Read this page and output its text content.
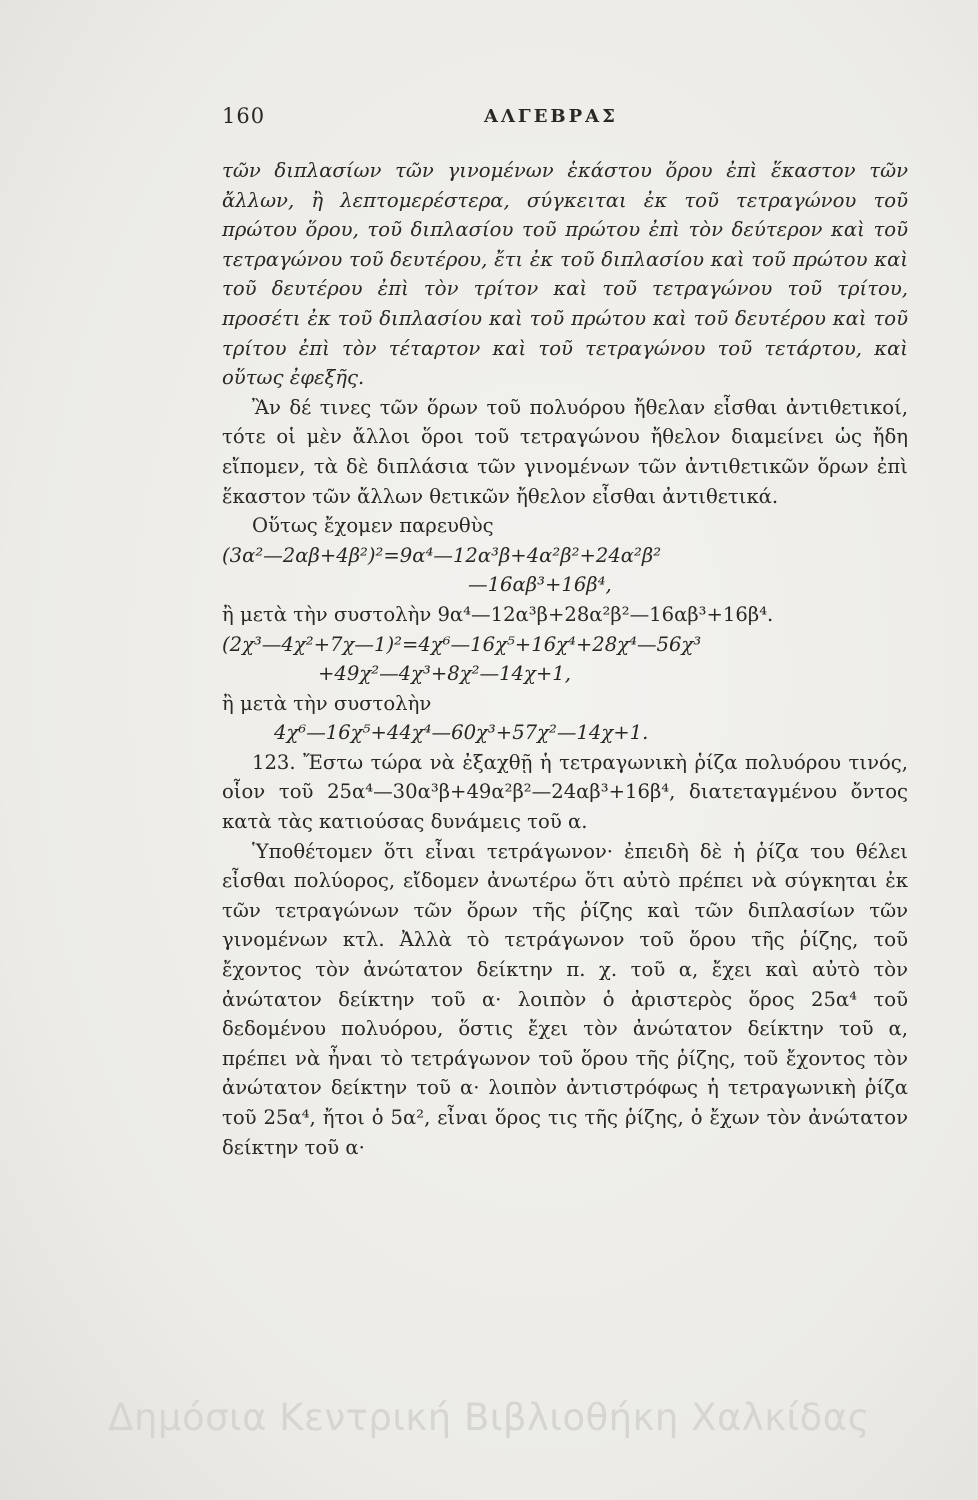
160	ΑΛΓΕΒΡΑΣ

τῶν διπλασίων τῶν γινομένων ἑκάστου ὅρου ἐπὶ ἕκαστον τῶν ἄλλων, ἢ λεπτομερέστερα, σύγκειται ἐκ τοῦ τετραγώνου τοῦ πρώτου ὅρου, τοῦ διπλασίου τοῦ πρώτου ἐπὶ τὸν δεύτερον καὶ τοῦ τετραγώνου τοῦ δευτέρου, ἔτι ἐκ τοῦ διπλασίου καὶ τοῦ πρώτου καὶ τοῦ δευτέρου ἐπὶ τὸν τρίτον καὶ τοῦ τετραγώνου τοῦ τρίτου, προσέτι ἐκ τοῦ διπλασίου καὶ τοῦ πρώτου καὶ τοῦ δευτέρου καὶ τοῦ τρίτου ἐπὶ τὸν τέταρτον καὶ τοῦ τετραγώνου τοῦ τετάρτου, καὶ οὕτως ἐφεξῆς.

Ἂν δέ τινες τῶν ὅρων τοῦ πολυόρου ἤθελαν εἶσθαι ἀντιθετικοί, τότε οἱ μὲν ἄλλοι ὅροι τοῦ τετραγώνου ἤθελον διαμείνει ὡς ἤδη εἴπομεν, τὰ δὲ διπλάσια τῶν γινομένων τῶν ἀντιθετικῶν ὅρων ἐπὶ ἕκαστον τῶν ἄλλων θετικῶν ἤθελον εἶσθαι ἀντιθετικά.

Οὕτως ἔχομεν παρευθὺς

(3α²—2αβ+4β²)²=9α⁴—12α³β+4α²β²+24α²β²

—16αβ³+16β⁴,

ἢ μετὰ τὴν συστολὴν 9α⁴—12α³β+28α²β²—16αβ³+16β⁴.

(2χ³—4χ²+7χ—1)²=4χ⁶—16χ⁵+16χ⁴+28χ⁴—56χ³

+49χ²—4χ³+8χ²—14χ+1,

ἢ μετὰ τὴν συστολὴν

4χ⁶—16χ⁵+44χ⁴—60χ³+57χ²—14χ+1.

123. Ἔστω τώρα νὰ ἐξαχθῇ ἡ τετραγωνικὴ ῥίζα πολυόρου τινός, οἷον τοῦ 25α⁴—30α³β+49α²β²—24αβ³+16β⁴, διατεταγμένου ὄντος κατὰ τὰς κατιούσας δυνάμεις τοῦ α.

Ὑποθέτομεν ὅτι εἶναι τετράγωνον· ἐπειδὴ δὲ ἡ ῥίζα του θέλει εἶσθαι πολύορος, εἴδομεν ἀνωτέρω ὅτι αὐτὸ πρέπει νὰ σύγκηται ἐκ τῶν τετραγώνων τῶν ὅρων τῆς ῥίζης καὶ τῶν διπλασίων τῶν γινομένων κτλ. Ἀλλὰ τὸ τετράγωνον τοῦ ὅρου τῆς ῥίζης, τοῦ ἔχοντος τὸν ἀνώτατον δείκτην π. χ. τοῦ α, ἔχει καὶ αὐτὸ τὸν ἀνώτατον δείκτην τοῦ α· λοιπὸν ὁ ἀριστερὸς ὅρος 25α⁴ τοῦ δεδομένου πολυόρου, ὅστις ἔχει τὸν ἀνώτατον δείκτην τοῦ α, πρέπει νὰ ἦναι τὸ τετράγωνον τοῦ ὅρου τῆς ῥίζης, τοῦ ἔχοντος τὸν ἀνώτατον δείκτην τοῦ α· λοιπὸν ἀντιστρόφως ἡ τετραγωνικὴ ῥίζα τοῦ 25α⁴, ἤτοι ὁ 5α², εἶναι ὅρος τις τῆς ῥίζης, ὁ ἔχων τὸν ἀνώτατον δείκτην τοῦ α·

Δημόσια Κεντρική Βιβλιοθήκη Χαλκίδας
